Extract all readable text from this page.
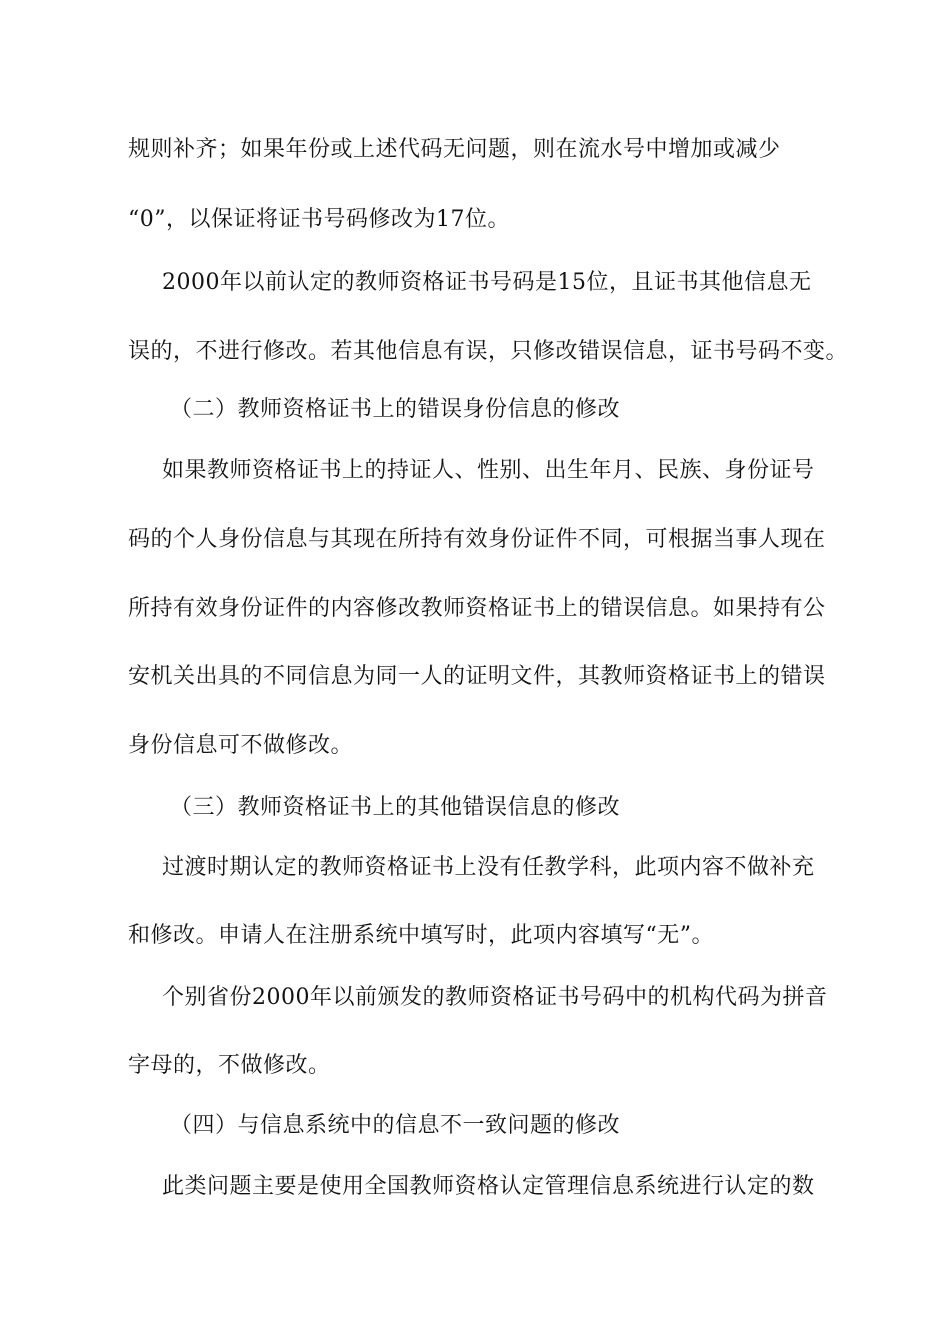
规则补齐；如果年份或上述代码无问题，则在流水号中增加或减少
“0”，以保证将证书号码修改为17位。
2000年以前认定的教师资格证书号码是15位，且证书其他信息无
误的，不进行修改。若其他信息有误，只修改错误信息，证书号码不变。
（二）教师资格证书上的错误身份信息的修改
如果教师资格证书上的持证人、性别、出生年月、民族、身份证号
码的个人身份信息与其现在所持有效身份证件不同，可根据当事人现在
所持有效身份证件的内容修改教师资格证书上的错误信息。如果持有公
安机关出具的不同信息为同一人的证明文件，其教师资格证书上的错误
身份信息可不做修改。
（三）教师资格证书上的其他错误信息的修改
过渡时期认定的教师资格证书上没有任教学科，此项内容不做补充
和修改。申请人在注册系统中填写时，此项内容填写“无”。
个别省份2000年以前颁发的教师资格证书号码中的机构代码为拼音
字母的，不做修改。
（四）与信息系统中的信息不一致问题的修改
此类问题主要是使用全国教师资格认定管理信息系统进行认定的数
